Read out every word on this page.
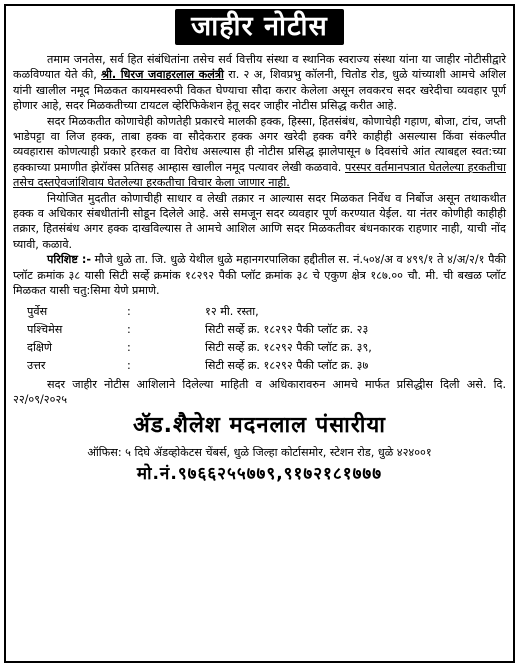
जाहीर नोटीस

तमाम जनतेस, सर्व हित संबंधितांना तसेच सर्व वित्तीय संस्था व स्थानिक स्वराज्य संस्था यांना या जाहीर नोटीसीद्वारे कळविण्यात येते की, श्री. धिरज जवाहरलाल कलंत्री रा. २ अ, शिवप्रभु कॉलनी, चितोड रोड, धुळे यांच्याशी आमचे अशिल यांनी खालील नमूद मिळकत कायमस्वरुपी विकत घेण्याचा सौदा करार केलेला असून लवकरच सदर खरेदीचा व्यवहार पूर्ण होणार आहे, सदर मिळकतीच्या टायटल व्हेरिफिकेशन हेतू सदर जाहीर नोटीस प्रसिद्ध करीत आहे.

सदर मिळकतीत कोणाचेही कोणतेही प्रकारचे मालकी हक्क, हिस्सा, हितसंबंध, कोणाचेही गहाण, बोजा, टांच, जप्ती भाडेपट्टा वा लिज हक्क, ताबा हक्क वा सौदेकरार हक्क अगर खरेदी हक्क वगैरे काहीही असल्यास किंवा संकल्पीत व्यवहारास कोणत्याही प्रकारे हरकत वा विरोध असल्यास ही नोटीस प्रसिद्ध झालेपासून ७ दिवसांचे आंत त्याबद्दल स्वत:च्या हक्काच्या प्रमाणीत झेरॉक्स प्रतिसह आम्हास खालील नमूद पत्यावर लेखी कळवावे. परस्पर वर्तमानपत्रात घेतलेल्या हरकतीचा तसेच दस्तऐवजांशिवाय घेतलेल्या हरकतीचा विचार केला जाणार नाही.

नियोजित मुदतीत कोणाचीही साधार व लेखी तक्रार न आल्यास सदर मिळकत निर्वेध व निर्बोज असून तथाकथीत हक्क व अधिकार संबधीतांनी सोडून दिलेले आहे. असे समजून सदर व्यवहार पूर्ण करण्यात येईल. या नंतर कोणीही काहीही तक्रार, हितसंबंध अगर हक्क दाखविल्यास ते आमचे आशिल आणि सदर मिळकतीवर बंधनकारक राहणार नाही, याची नोंद घ्यावी, कळावे.

परिशिष्ट :- मौजे धुळे ता. जि. धुळे येथील धुळे महानगरपालिका हद्दीतील स. नं.५०४/अ व ४९९/१ ते ४/अ/२/१ पैकी प्लॉट क्रमांक ३८ यासी सिटी सर्व्हे क्रमांक १८२९२ पैकी प्लॉट क्रमांक ३८ चे एकुण क्षेत्र १८७.०० चौ. मी. ची बखळ प्लॉट मिळकत यासी चतु:सिमा येणे प्रमाणे.

पुर्वेस	:	१२ मी. रस्ता,
पश्चिमेस	:	सिटी सर्व्हे क्र. १८२९२ पैकी प्लॉट क्र. २३
दक्षिणे	:	सिटी सर्व्हे क्र. १८२९२ पैकी प्लॉट क्र. ३९,
उत्तर	:	सिटी सर्व्हे क्र. १८२९२ पैकी प्लॉट क्र. ३७

सदर जाहीर नोटीस आशिलाने दिलेल्या माहिती व अधिकारावरुन आमचे मार्फत प्रसिद्धीस दिली असे. दि. २२/०९/२०२५

ॲड.शैलेश मदनलाल पंसारीया
ऑफिस: ५ दिघे ॲडव्होकेटस चेंबर्स, धुळे जिल्हा कोर्टासमोर, स्टेशन रोड, धुळे ४२४००१
मो.नं.९७६६२५५७७९,९१७२१८१७७७
